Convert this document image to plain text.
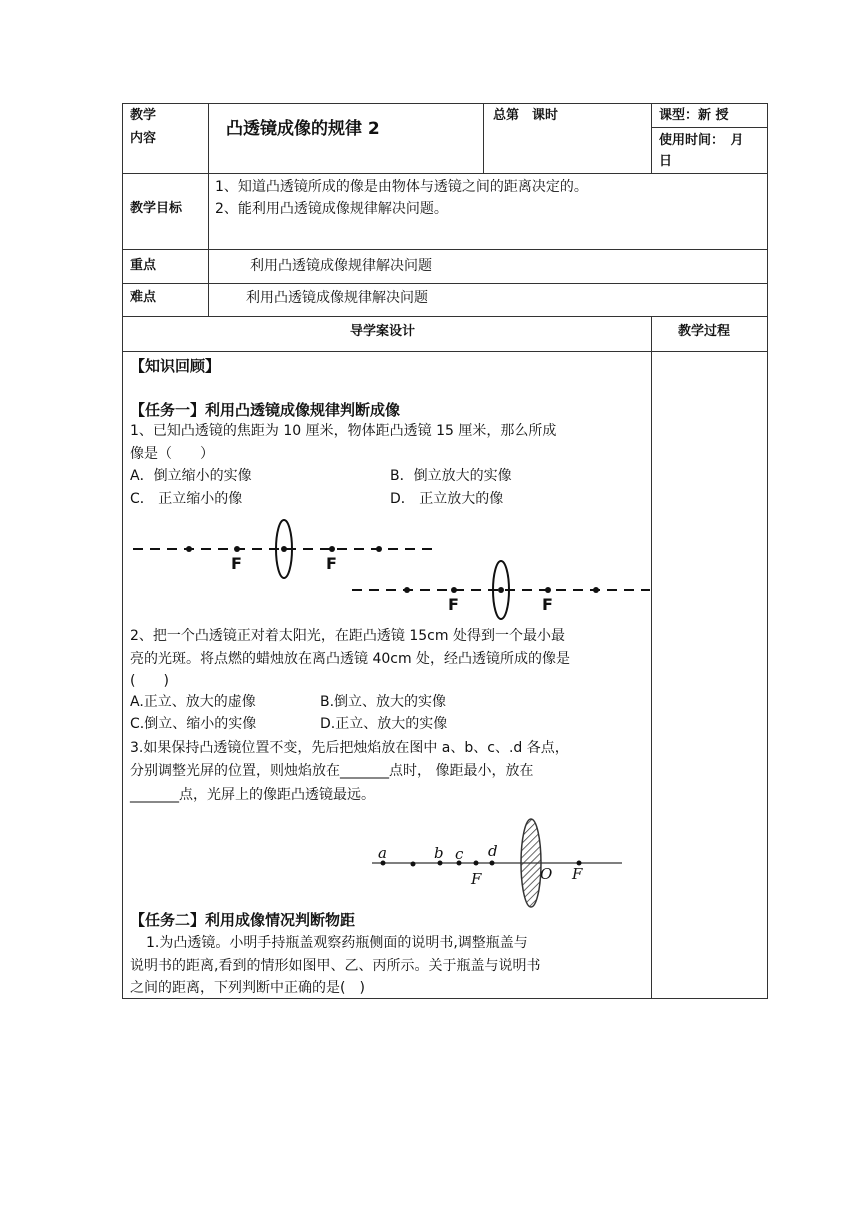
教学
内容	凸透镜成像的规律 2
总第　课时	课型：新 授
使用时间：　月
日
教学目标
1、知道凸透镜所成的像是由物体与透镜之间的距离决定的。
2、能利用凸透镜成像规律解决问题。
重点	利用凸透镜成像规律解决问题
难点	利用凸透镜成像规律解决问题
导学案设计	教学过程
【知识回顾】
【任务一】利用凸透镜成像规律判断成像
1、已知凸透镜的焦距为 10 厘米，物体距凸透镜 15 厘米，那么所成
像是（　　）
A．倒立缩小的实像	B．倒立放大的实像
C． 正立缩小的像	D． 正立放大的像
F	F
F	F
2、把一个凸透镜正对着太阳光，在距凸透镜 15cm 处得到一个最小最
亮的光斑。将点燃的蜡烛放在离凸透镜 40cm 处，经凸透镜所成的像是
(　　)
A.正立、放大的虚像	B.倒立、放大的实像
C.倒立、缩小的实像	D.正立、放大的实像
3.如果保持凸透镜位置不变，先后把烛焰放在图中 a、b、c、.d 各点，
分别调整光屏的位置，则烛焰放在_______点时， 像距最小，放在
_______点，光屏上的像距凸透镜最远。
a	b c d
F	O F
【任务二】利用成像情况判断物距
1.为凸透镜。小明手持瓶盖观察药瓶侧面的说明书,调整瓶盖与
说明书的距离,看到的情形如图甲、乙、丙所示。关于瓶盖与说明书
之间的距离，下列判断中正确的是(　)
